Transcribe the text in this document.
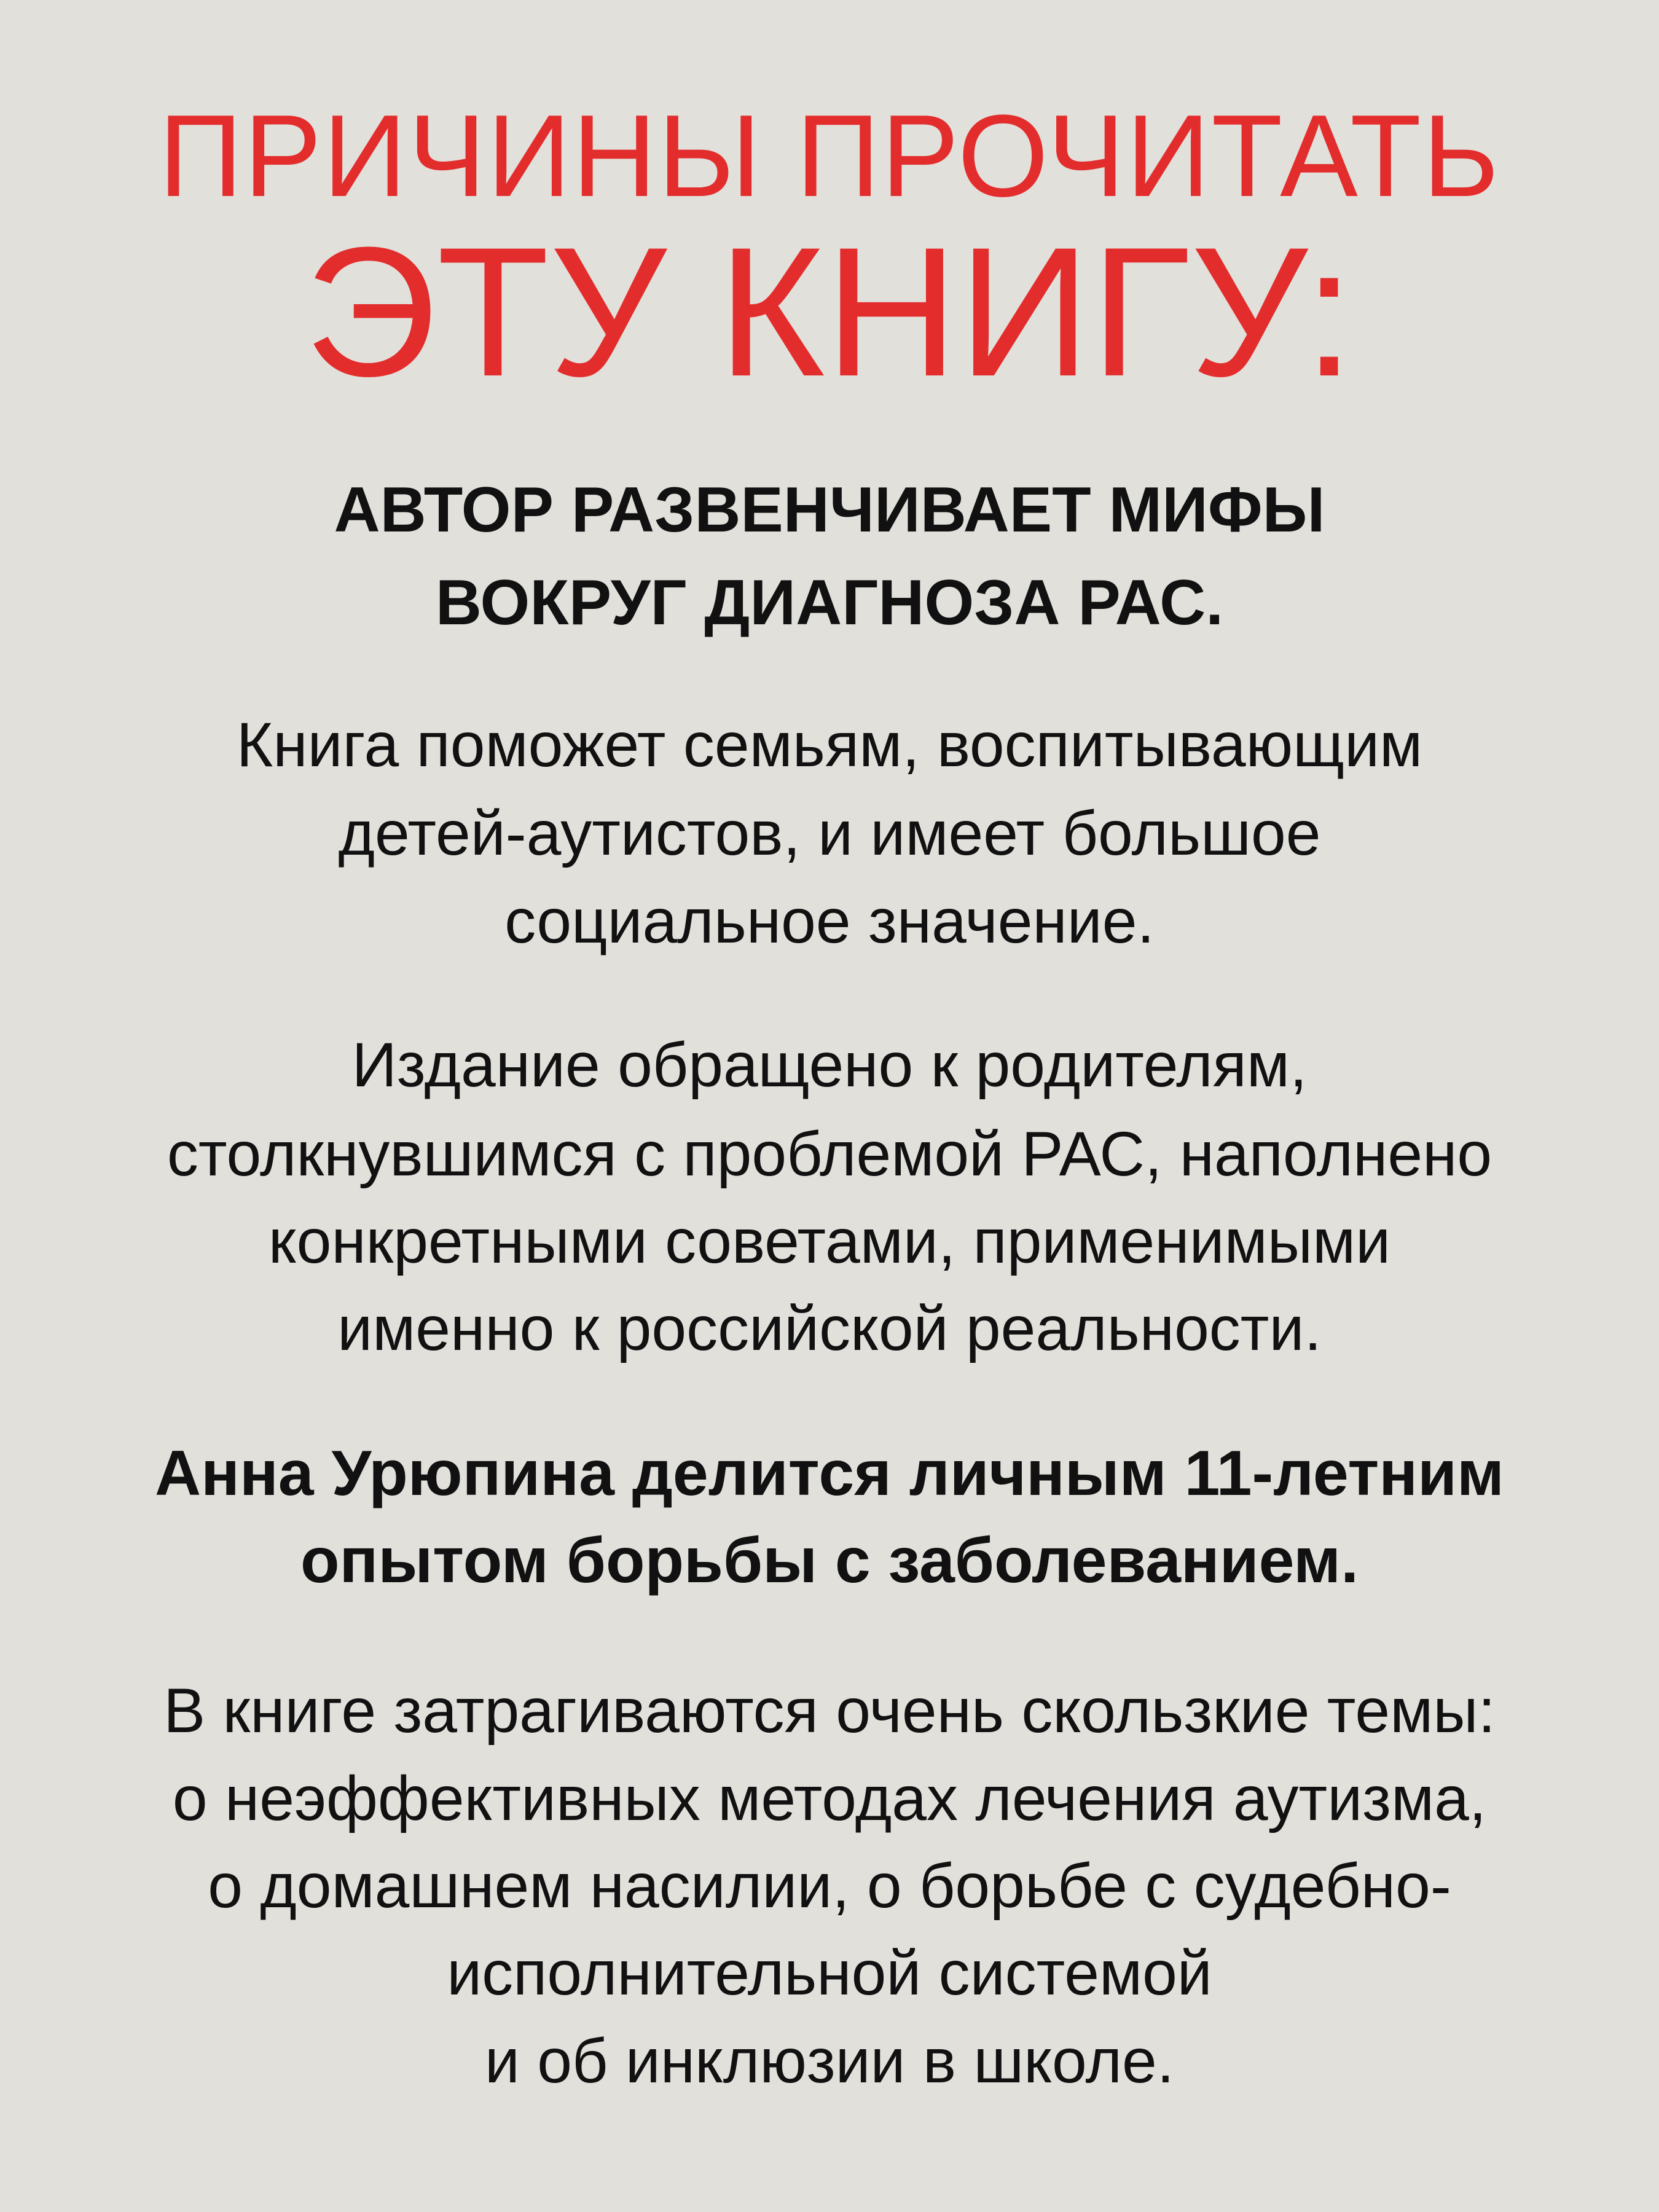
ПРИЧИНЫ ПРОЧИТАТЬ
ЭТУ КНИГУ:
АВТОР РАЗВЕНЧИВАЕТ МИФЫ
ВОКРУГ ДИАГНОЗА РАС.
Книга поможет семьям, воспитывающим
детей-аутистов, и имеет большое
социальное значение.
Издание обращено к родителям,
столкнувшимся с проблемой РАС, наполнено
конкретными советами, применимыми
именно к российской реальности.
Анна Урюпина делится личным 11-летним
опытом борьбы с заболеванием.
В книге затрагиваются очень скользкие темы:
о неэффективных методах лечения аутизма,
о домашнем насилии, о борьбе с судебно-
исполнительной системой
и об инклюзии в школе.
